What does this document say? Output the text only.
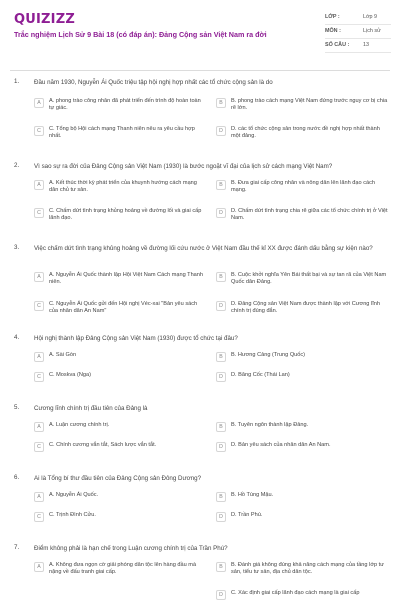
QUIZIZZ
Trắc nghiệm Lịch Sử 9 Bài 18 (có đáp án): Đảng Cộng sản Việt Nam ra đời
LỚP :	Lớp 9
MÔN :	Lịch sử
SỐ CÂU :	13
1. Đầu năm 1930, Nguyễn Ái Quốc triệu tập hội nghị hợp nhất các tổ chức cộng sản là do
A	A. phong trào công nhân đã phát triển đến trình độ hoàn toàn tự giác.
B	B. phong trào cách mạng Việt Nam đứng trước nguy cơ bị chia rẽ lớn.
C	C. Tổng bộ Hội cách mạng Thanh niên nêu ra yêu cầu hợp nhất.
D	D. các tổ chức cộng sản trong nước đề nghị hợp nhất thành một đảng.
2. Vì sao sự ra đời của Đảng Cộng sản Việt Nam (1930) là bước ngoặt vĩ đại của lịch sử cách mạng Việt Nam?
A	A. Kết thúc thời kỳ phát triển của khuynh hướng cách mạng dân chủ tư sản.
B	B. Đưa giai cấp công nhân và nông dân lên lãnh đạo cách mạng.
C	C. Chấm dứt tình trạng khủng hoảng về đường lối và giai cấp lãnh đạo.
D	D. Chấm dứt tình trạng chia rẽ giữa các tổ chức chính trị ở Việt Nam.
3. Việc chấm dứt tình trạng khủng hoảng về đường lối cứu nước ở Việt Nam đầu thế kỉ XX được đánh dấu bằng sự kiện nào?
A	A. Nguyễn Ái Quốc thành lập Hội Việt Nam Cách mạng Thanh niên.
B	B. Cuộc khởi nghĩa Yên Bái thất bại và sự tan rã của Việt Nam Quốc dân Đảng.
C	C. Nguyễn Ái Quốc gửi đến Hội nghị Véc-xai "Bản yêu sách của nhân dân An Nam"
D	D. Đảng Cộng sản Việt Nam được thành lập với Cương lĩnh chính trị đúng đắn.
4. Hội nghị thành lập Đảng Cộng sản Việt Nam (1930) được tổ chức tại đâu?
A	A. Sài Gòn	B	B. Hương Cảng (Trung Quốc)
C	C. Moskva (Nga)	D	D. Băng Cốc (Thái Lan)
5. Cương lĩnh chính trị đầu tiên của Đảng là
A	A. Luận cương chính trị.	B	B. Tuyên ngôn thành lập Đảng.
C	C. Chính cương vắn tắt, Sách lược vắn tắt.	D	D. Bản yêu sách của nhân dân An Nam.
6. Ai là Tổng bí thư đầu tiên của Đảng Cộng sản Đông Dương?
A	A. Nguyễn Ái Quốc.	B	B. Hồ Tùng Mậu.
C	C. Trịnh Đình Cửu.	D	D. Trần Phú.
7. Điểm không phải là hạn chế trong Luận cương chính trị của Trần Phú?
A	A. Không đưa ngọn cờ giải phóng dân tộc lên hàng đầu mà nặng về đấu tranh giai cấp.
B	B. Đánh giá không đúng khả năng cách mạng của tầng lớp tư sản, tiểu tư sản, địa chủ dân tộc.
D	C. Xác định giai cấp lãnh đạo cách mạng là giai cấp
